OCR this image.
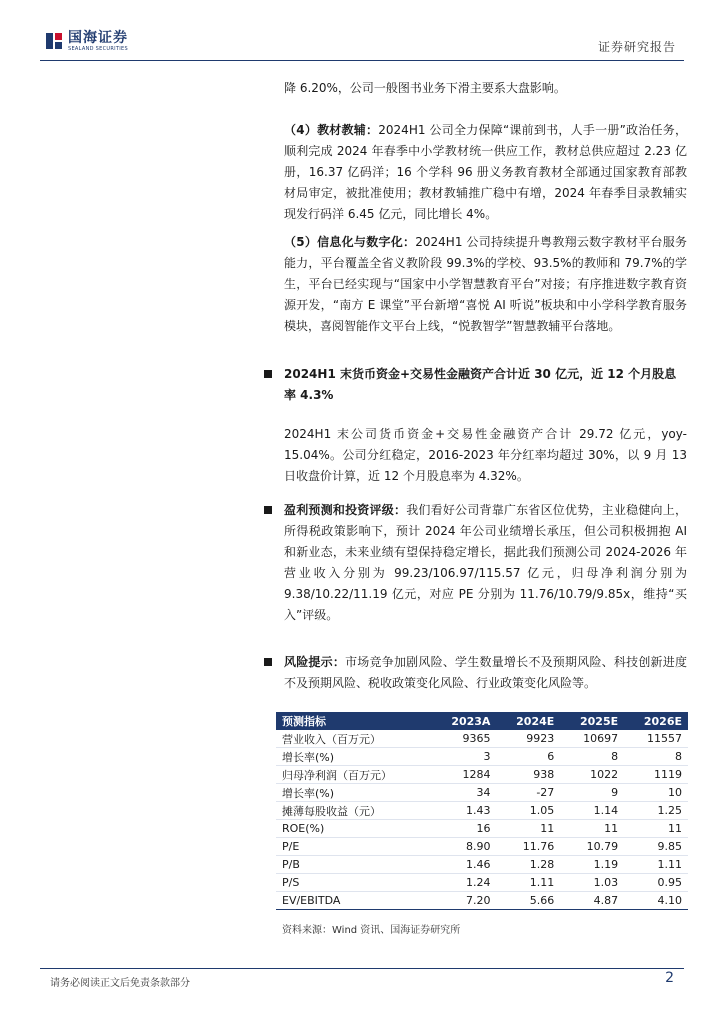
国海证券
SEALAND SECURITIES	证券研究报告

降 6.20%，公司一般图书业务下滑主要系大盘影响。

（4）教材教辅：2024H1 公司全力保障“课前到书，人手一册”政治任务，顺利完成 2024 年春季中小学教材统一供应工作，教材总供应超过 2.23 亿册，16.37 亿码洋；16 个学科 96 册义务教育教材全部通过国家教育部教材局审定，被批准使用；教材教辅推广稳中有增，2024 年春季目录教辅实现发行码洋 6.45 亿元，同比增长 4%。

（5）信息化与数字化：2024H1 公司持续提升粤教翔云数字教材平台服务能力，平台覆盖全省义教阶段 99.3%的学校、93.5%的教师和 79.7%的学生，平台已经实现与“国家中小学智慧教育平台”对接；有序推进数字教育资源开发，“南方 E 课堂”平台新增“喜悦 AI 听说”板块和中小学科学教育服务模块，喜阅智能作文平台上线，“悦教智学”智慧教辅平台落地。

2024H1 末货币资金+交易性金融资产合计近 30 亿元，近 12 个月股息率 4.3%

2024H1 末公司货币资金+交易性金融资产合计 29.72 亿元，yoy-15.04%。公司分红稳定，2016-2023 年分红率均超过 30%，以 9 月 13 日收盘价计算，近 12 个月股息率为 4.32%。

盈利预测和投资评级：我们看好公司背靠广东省区位优势，主业稳健向上，所得税政策影响下，预计 2024 年公司业绩增长承压，但公司积极拥抱 AI 和新业态，未来业绩有望保持稳定增长，据此我们预测公司 2024-2026 年营业收入分别为 99.23/106.97/115.57 亿元，归母净利润分别为 9.38/10.22/11.19 亿元，对应 PE 分别为 11.76/10.79/9.85x，维持“买入”评级。

风险提示：市场竞争加剧风险、学生数量增长不及预期风险、科技创新进度不及预期风险、税收政策变化风险、行业政策变化风险等。

预测指标	2023A	2024E	2025E	2026E
营业收入（百万元）	9365	9923	10697	11557
增长率(%)	3	6	8	8
归母净利润（百万元）	1284	938	1022	1119
增长率(%)	34	-27	9	10
摊薄每股收益（元）	1.43	1.05	1.14	1.25
ROE(%)	16	11	11	11
P/E	8.90	11.76	10.79	9.85
P/B	1.46	1.28	1.19	1.11
P/S	1.24	1.11	1.03	0.95
EV/EBITDA	7.20	5.66	4.87	4.10
资料来源：Wind 资讯、国海证券研究所
请务必阅读正文后免责条款部分	2
